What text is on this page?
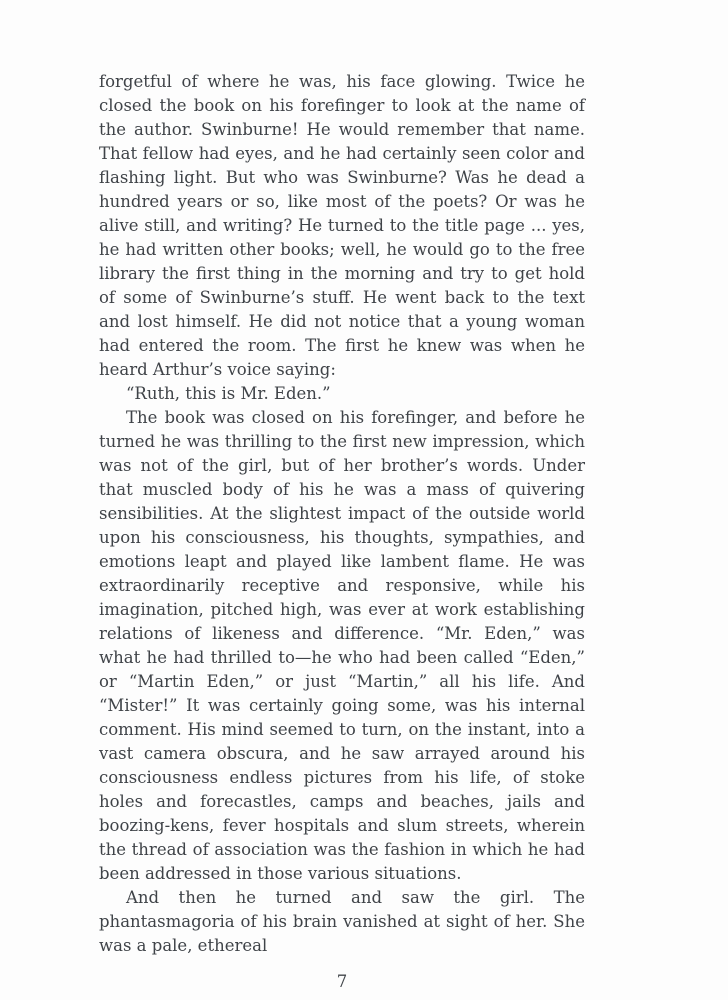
forgetful of where he was, his face glowing. Twice he closed the book on his forefinger to look at the name of the author. Swinburne! He would remember that name. That fellow had eyes, and he had certainly seen color and flashing light. But who was Swinburne? Was he dead a hundred years or so, like most of the poets? Or was he alive still, and writing? He turned to the title page ... yes, he had written other books; well, he would go to the free library the first thing in the morning and try to get hold of some of Swinburne’s stuff. He went back to the text and lost himself. He did not notice that a young woman had entered the room. The first he knew was when he heard Arthur’s voice saying:

“Ruth, this is Mr. Eden.”

The book was closed on his forefinger, and before he turned he was thrilling to the first new impression, which was not of the girl, but of her brother’s words. Under that muscled body of his he was a mass of quivering sensibilities. At the slightest impact of the outside world upon his consciousness, his thoughts, sympathies, and emotions leapt and played like lambent flame. He was extraordinarily receptive and responsive, while his imagination, pitched high, was ever at work establishing relations of likeness and difference. “Mr. Eden,” was what he had thrilled to—he who had been called “Eden,” or “Martin Eden,” or just “Martin,” all his life. And “Mister!” It was certainly going some, was his internal comment. His mind seemed to turn, on the instant, into a vast camera obscura, and he saw arrayed around his consciousness endless pictures from his life, of stoke holes and forecastles, camps and beaches, jails and boozing-kens, fever hospitals and slum streets, wherein the thread of association was the fashion in which he had been addressed in those various situations.

And then he turned and saw the girl. The phantasmagoria of his brain vanished at sight of her. She was a pale, ethereal

7
